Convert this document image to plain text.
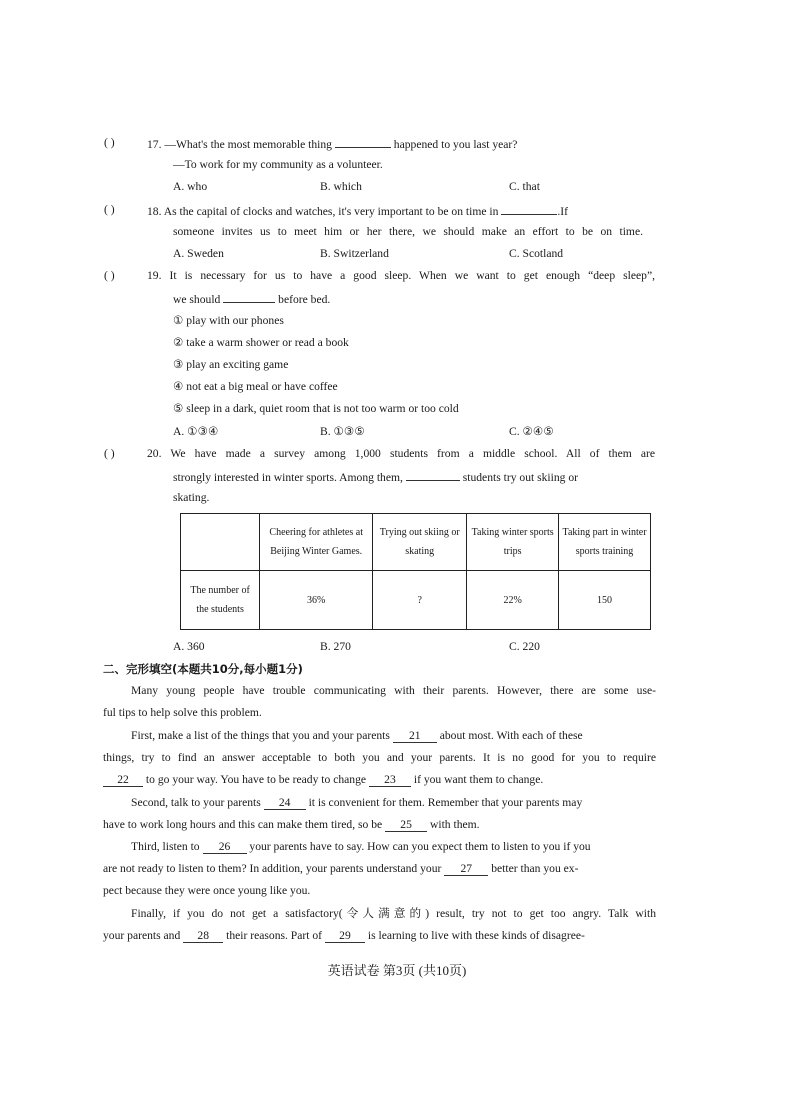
( )	17. —What's the most memorable thing	happened to you last year?
—To work for my community as a volunteer.
A. who	B. which	C. that
( )	18. As the capital of clocks and watches, it's very important to be on time in	.If
someone invites us to meet him or her there, we should make an effort to be on time.
A. Sweden	B. Switzerland	C. Scotland
( )	19. It is necessary for us to have a good sleep. When we want to get enough “deep sleep”,
we should	before bed.
① play with our phones
② take a warm shower or read a book
③ play an exciting game
④ not eat a big meal or have coffee
⑤ sleep in a dark, quiet room that is not too warm or too cold
A. ①③④	B. ①③⑤	C. ②④⑤
( )	20. We have made a survey among 1,000 students from a middle school. All of them are
strongly interested in winter sports. Among them,	students try out skiing or
skating.
	Cheering for athletes at Beijing Winter Games.	Trying out skiing or skating	Taking winter sports trips	Taking part in winter sports training
The number of the students	36%	?	22%	150
A. 360	B. 270	C. 220
二、完形填空(本题共10分,每小题1分)
Many young people have trouble communicating with their parents. However, there are some use-
ful tips to help solve this problem.
First, make a list of the things that you and your parents 21 about most. With each of these
things, try to find an answer acceptable to both you and your parents. It is no good for you to require
22 to go your way. You have to be ready to change 23 if you want them to change.
Second, talk to your parents 24 it is convenient for them. Remember that your parents may
have to work long hours and this can make them tired, so be 25 with them.
Third, listen to 26 your parents have to say. How can you expect them to listen to you if you
are not ready to listen to them? In addition, your parents understand your 27 better than you ex-
pect because they were once young like you.
Finally, if you do not get a satisfactory(令人满意的) result, try not to get too angry. Talk with
your parents and 28 their reasons. Part of 29 is learning to live with these kinds of disagree-
英语试卷 第3页 (共10页)
